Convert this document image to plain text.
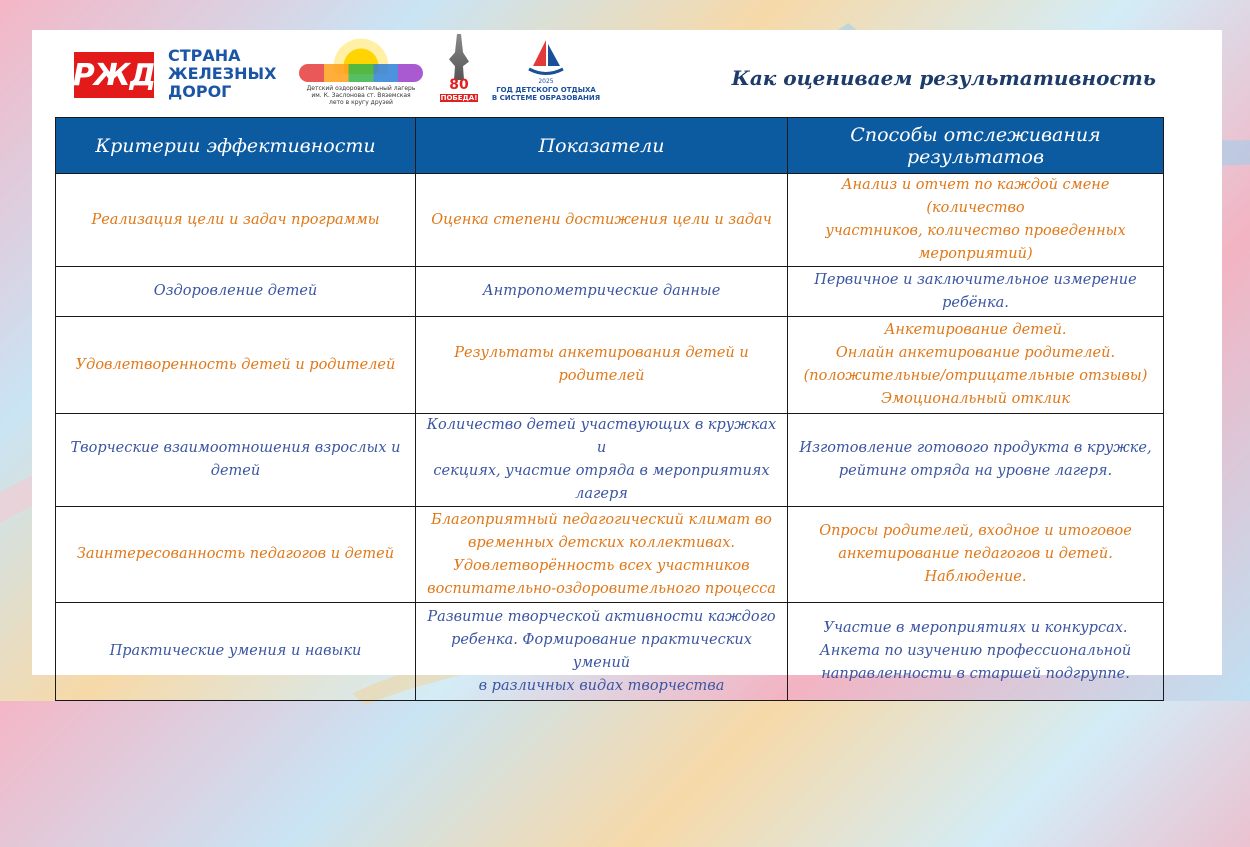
РЖД
СТРАНА
ЖЕЛЕЗНЫХ
ДОРОГ	Детский оздоровительный лагерь
им. К. Заслонова ст. Вяземская
лето в кругу друзей
80
ПОБЕДА!
2025
ГОД ДЕТСКОГО ОТДЫХА
В СИСТЕМЕ ОБРАЗОВАНИЯ
Как оцениваем результативность
Критерии эффективности	Показатели	Способы отслеживания результатов

Реализация цели и задач программы	Оценка степени достижения цели и задач	Анализ и отчет по каждой смене (количество
участников, количество проведенных
мероприятий)

Оздоровление детей	Антропометрические данные	Первичное и заключительное измерение
ребёнка.

Удовлетворенность детей и родителей	Результаты анкетирования детей и
родителей	Анкетирование детей.
Онлайн анкетирование родителей.
(положительные/отрицательные отзывы)
Эмоциональный отклик

Творческие взаимоотношения взрослых и
детей	Количество детей участвующих в кружках и
секциях, участие отряда в мероприятиях
лагеря	Изготовление готового продукта в кружке,
рейтинг отряда на уровне лагеря.

Заинтересованность педагогов и детей	Благоприятный педагогический климат во
временных детских коллективах.
Удовлетворённость всех участников
воспитательно-оздоровительного процесса	Опросы родителей, входное и итоговое
анкетирование педагогов и детей.
Наблюдение.

Практические умения и навыки	Развитие творческой активности каждого
ребенка. Формирование практических умений
в различных видах творчества	Участие в мероприятиях и конкурсах.
Анкета по изучению профессиональной
направленности в старшей подгруппе.
